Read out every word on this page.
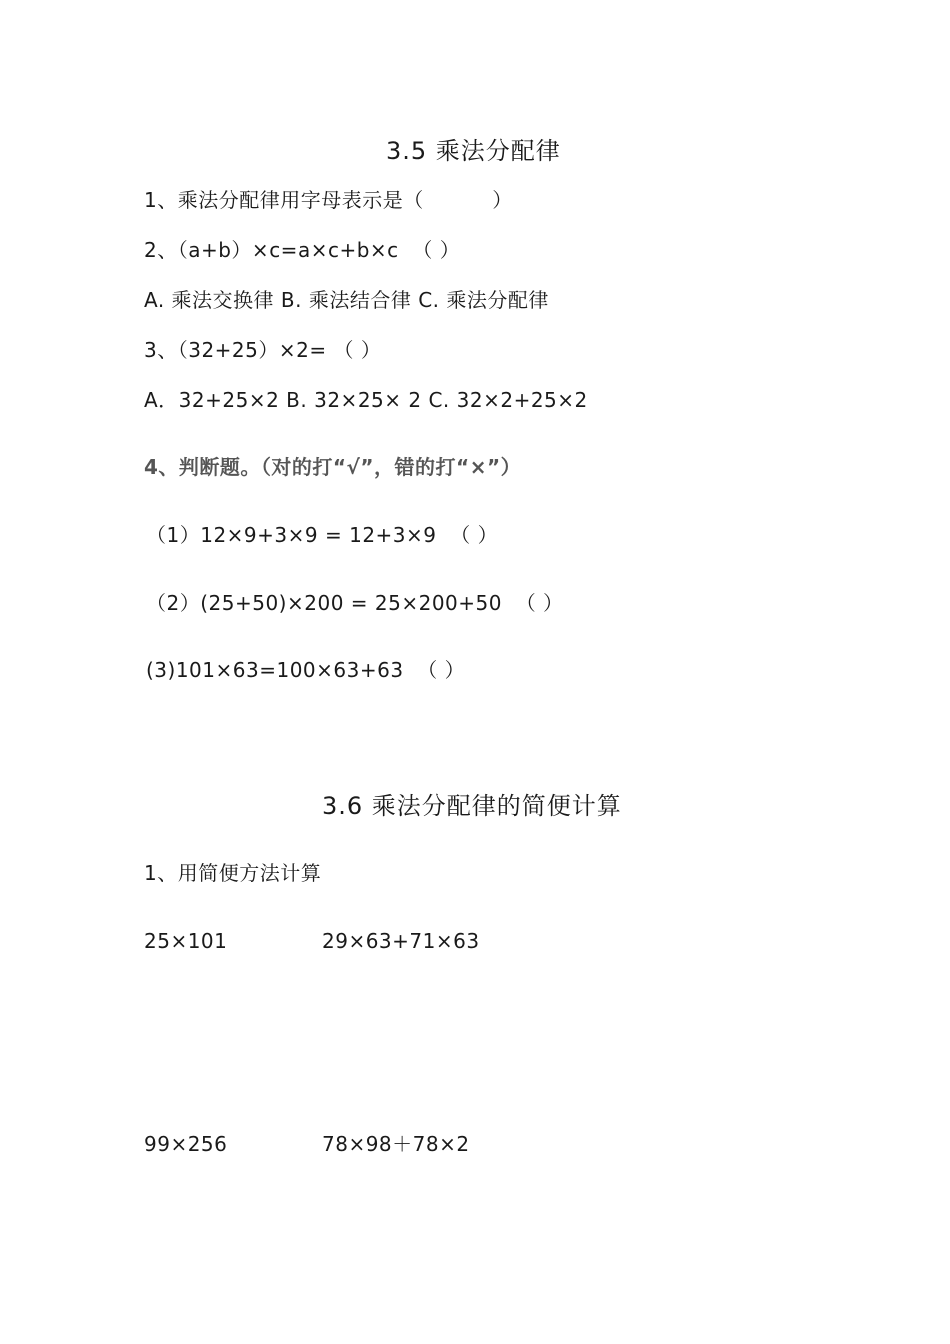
3.5 乘法分配律
1、乘法分配律用字母表示是（          ）
2、（a+b）×c=a×c+b×c  （ ）
A. 乘法交换律 B. 乘法结合律 C. 乘法分配律
3、（32+25）×2= （ ）
A．32+25×2 B. 32×25× 2 C. 32×2+25×2
4、判断题。（对的打“√”，错的打“×”）
（1）12×9+3×9 = 12+3×9  （ ）
（2）(25+50)×200 = 25×200+50  （ ）
(3)101×63=100×63+63  （ ）
3.6 乘法分配律的简便计算
1、用简便方法计算
25×101	29×63+71×63
99×256	78×98＋78×2
